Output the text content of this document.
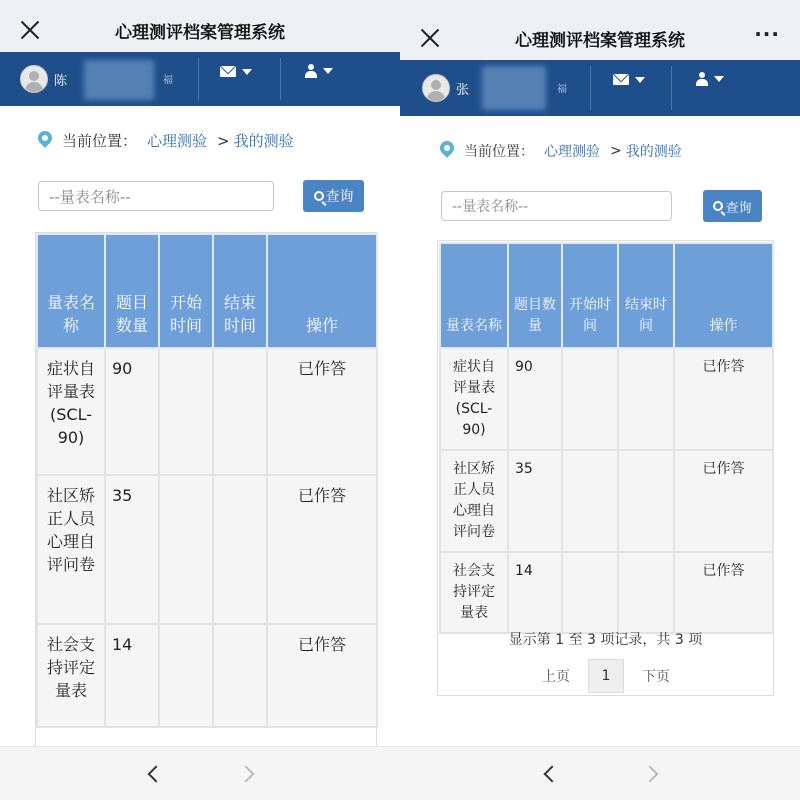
心理测评档案管理系统
陈	福
当前位置： 心理测验 > 我的测验
--量表名称--	查询
量表名称	题目数量	开始时间	结束时间	操作
症状自评量表(SCL-90)	90			已作答
社区矫正人员心理自评问卷	35			已作答
社会支持评定量表	14			已作答
心理测评档案管理系统	···
张	福
当前位置： 心理测验 > 我的测验
--量表名称--	查询
量表名称	题目数量	开始时间	结束时间	操作
症状自评量表(SCL-90)	90			已作答
社区矫正人员心理自评问卷	35			已作答
社会支持评定量表	14			已作答
显示第 1 至 3 项记录，共 3 项
上页	1	下页
